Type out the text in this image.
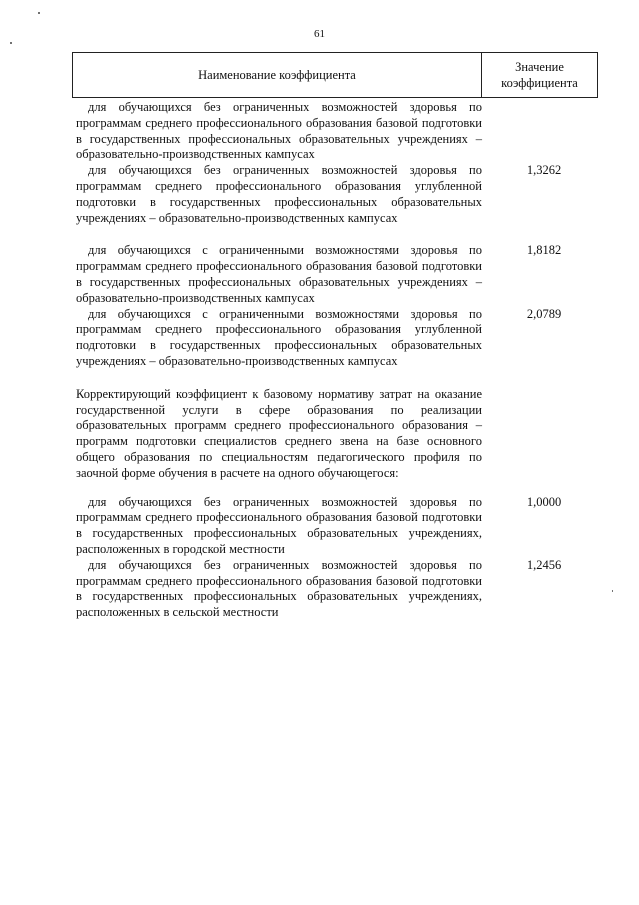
61
Наименование коэффициента
Значение
коэффициента
для обучающихся без ограниченных возможностей здоровья по программам среднего профессионального образования базовой подготовки в государственных профессиональных образовательных учреждениях – образовательно-производственных кампусах
для обучающихся без ограниченных возможностей здоровья по программам среднего профессионального образования углубленной подготовки в государственных профессиональных образовательных учреждениях – образовательно-производственных кампусах
1,3262
для обучающихся с ограниченными возможностями здоровья по программам среднего профессионального образования базовой подготовки в государственных профессиональных образовательных учреждениях – образовательно-производственных кампусах
1,8182
для обучающихся с ограниченными возможностями здоровья по программам среднего профессионального образования углубленной подготовки в государственных профессиональных образовательных учреждениях – образовательно-производственных кампусах
2,0789
Корректирующий коэффициент к базовому нормативу затрат на оказание государственной услуги в сфере образования по реализации образовательных программ среднего профессионального образования – программ подготовки специалистов среднего звена на базе основного общего образования по специальностям педагогического профиля по заочной форме обучения в расчете на одного обучающегося:
для обучающихся без ограниченных возможностей здоровья по программам среднего профессионального образования базовой подготовки в государственных профессиональных образовательных учреждениях, расположенных в городской местности
1,0000
для обучающихся без ограниченных возможностей здоровья по программам среднего профессионального образования базовой подготовки в государственных профессиональных образовательных учреждениях, расположенных в сельской местности
1,2456
